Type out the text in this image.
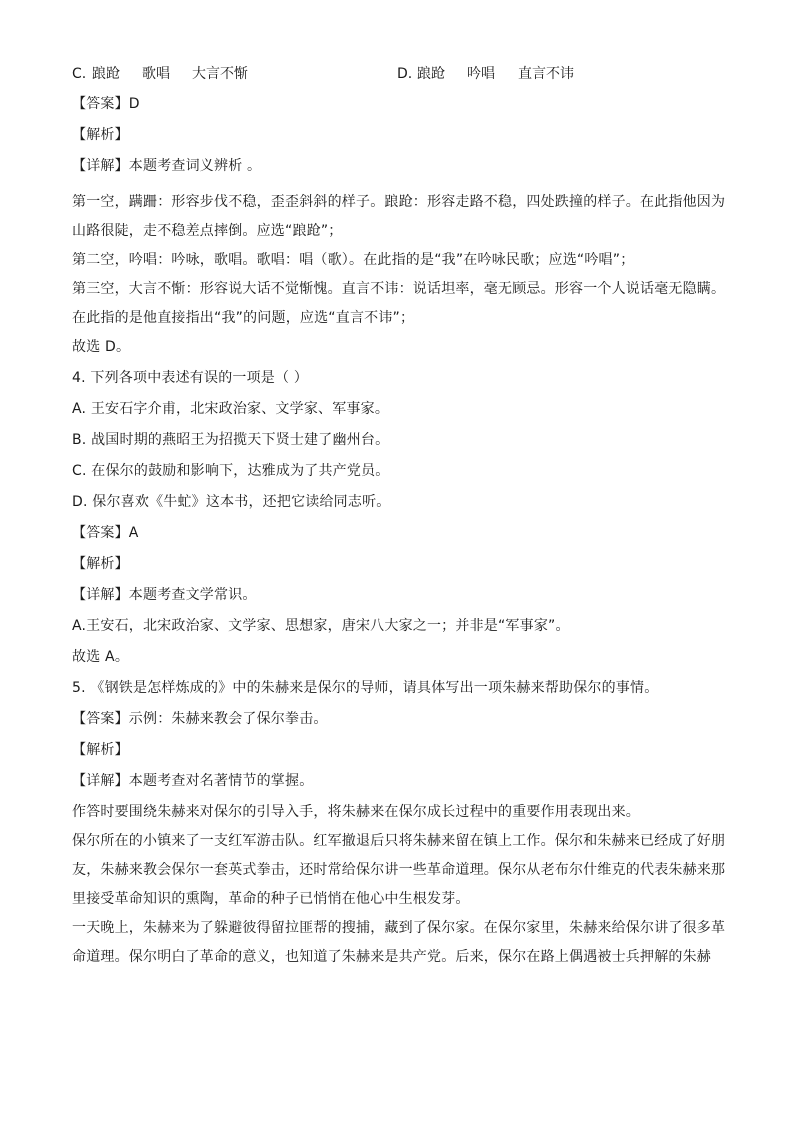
C. 踉跄 歌唱 大言不惭	D. 踉跄 吟唱 直言不讳
【答案】D
【解析】
【详解】本题考查词义辨析 。
第一空，蹒跚：形容步伐不稳，歪歪斜斜的样子。踉跄：形容走路不稳，四处跌撞的样子。在此指他因为
山路很陡，走不稳差点摔倒。应选“踉跄”；
第二空，吟唱：吟咏，歌唱。歌唱：唱（歌）。在此指的是“我”在吟咏民歌；应选“吟唱”；
第三空，大言不惭：形容说大话不觉惭愧。直言不讳：说话坦率，毫无顾忌。形容一个人说话毫无隐瞒。
在此指的是他直接指出“我”的问题，应选“直言不讳”；
故选 D。
4. 下列各项中表述有误的一项是（ ）
A. 王安石字介甫，北宋政治家、文学家、军事家。
B. 战国时期的燕昭王为招揽天下贤士建了幽州台。
C. 在保尔的鼓励和影响下，达雅成为了共产党员。
D. 保尔喜欢《牛虻》这本书，还把它读给同志听。
【答案】A
【解析】
【详解】本题考查文学常识。
A.王安石，北宋政治家、文学家、思想家，唐宋八大家之一；并非是“军事家”。
故选 A。
5. 《钢铁是怎样炼成的》中的朱赫来是保尔的导师，请具体写出一项朱赫来帮助保尔的事情。
【答案】示例：朱赫来教会了保尔拳击。
【解析】
【详解】本题考查对名著情节的掌握。
作答时要围绕朱赫来对保尔的引导入手，将朱赫来在保尔成长过程中的重要作用表现出来。
保尔所在的小镇来了一支红军游击队。红军撤退后只将朱赫来留在镇上工作。保尔和朱赫来已经成了好朋
友，朱赫来教会保尔一套英式拳击，还时常给保尔讲一些革命道理。保尔从老布尔什维克的代表朱赫来那
里接受革命知识的熏陶，革命的种子已悄悄在他心中生根发芽。
一天晚上，朱赫来为了躲避彼得留拉匪帮的搜捕，藏到了保尔家。在保尔家里，朱赫来给保尔讲了很多革
命道理。保尔明白了革命的意义，也知道了朱赫来是共产党。后来，保尔在路上偶遇被士兵押解的朱赫
